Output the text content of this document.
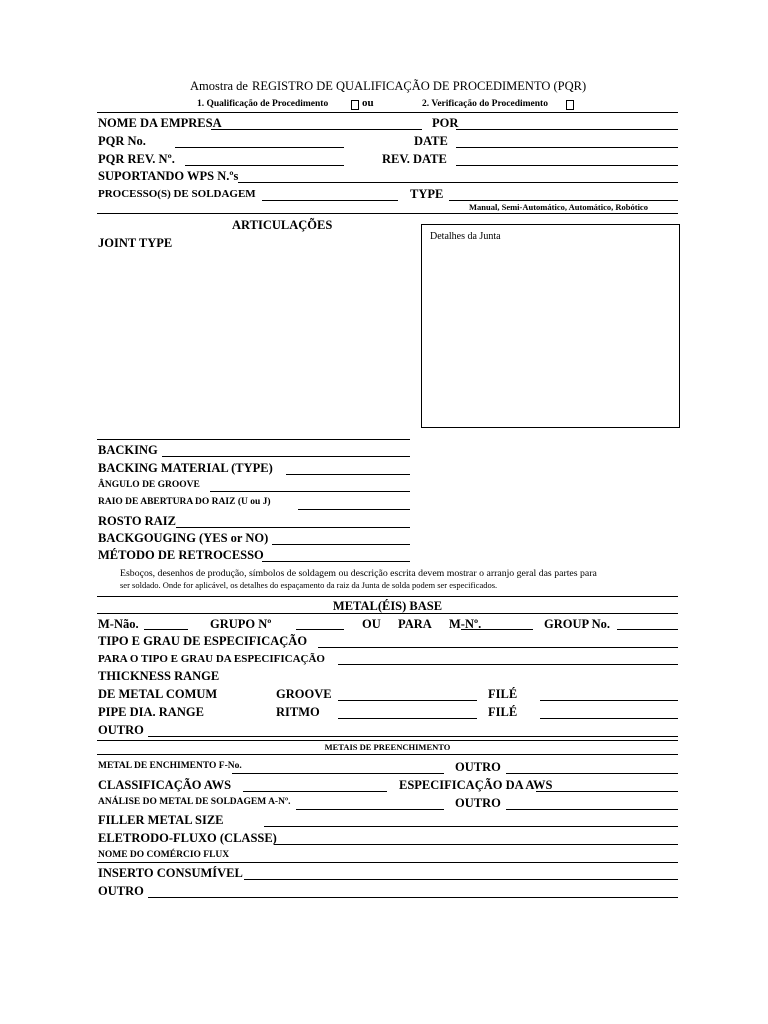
Amostra de REGISTRO DE QUALIFICAÇÃO DE PROCEDIMENTO (PQR)
1. Qualificação de Procedimento	ou	2. Verificação do Procedimento
NOME DA EMPRESA	POR
PQR No.	DATE
PQR REV. Nº.	REV. DATE
SUPORTANDO WPS N.ºs
PROCESSO(S) DE SOLDAGEM	TYPE
Manual, Semi-Automático, Automático, Robótico
ARTICULAÇÕES
JOINT TYPE	Detalhes da Junta
BACKING
BACKING MATERIAL (TYPE)
ÂNGULO DE GROOVE
RAIO DE ABERTURA DO RAIZ (U ou J)
ROSTO RAIZ
BACKGOUGING (YES or NO)
MÉTODO DE RETROCESSO
Esboços, desenhos de produção, símbolos de soldagem ou descrição escrita devem mostrar o arranjo geral das partes para
ser soldado. Onde for aplicável, os detalhes do espaçamento da raiz da Junta de solda podem ser especificados.
METAL(ÉIS) BASE
M-Não.	GRUPO Nº	OU PARA M-Nº.	GROUP No.
TIPO E GRAU DE ESPECIFICAÇÃO
PARA O TIPO E GRAU DA ESPECIFICAÇÃO
THICKNESS RANGE
DE METAL COMUM	GROOVE	FILÉ
PIPE DIA. RANGE	RITMO	FILÉ
OUTRO
METAIS DE PREENCHIMENTO
METAL DE ENCHIMENTO F-No.	OUTRO
CLASSIFICAÇÃO AWS	ESPECIFICAÇÃO DA AWS
ANÁLISE DO METAL DE SOLDAGEM A-Nº.	OUTRO
FILLER METAL SIZE
ELETRODO-FLUXO (CLASSE)
NOME DO COMÉRCIO FLUX
INSERTO CONSUMÍVEL
OUTRO
